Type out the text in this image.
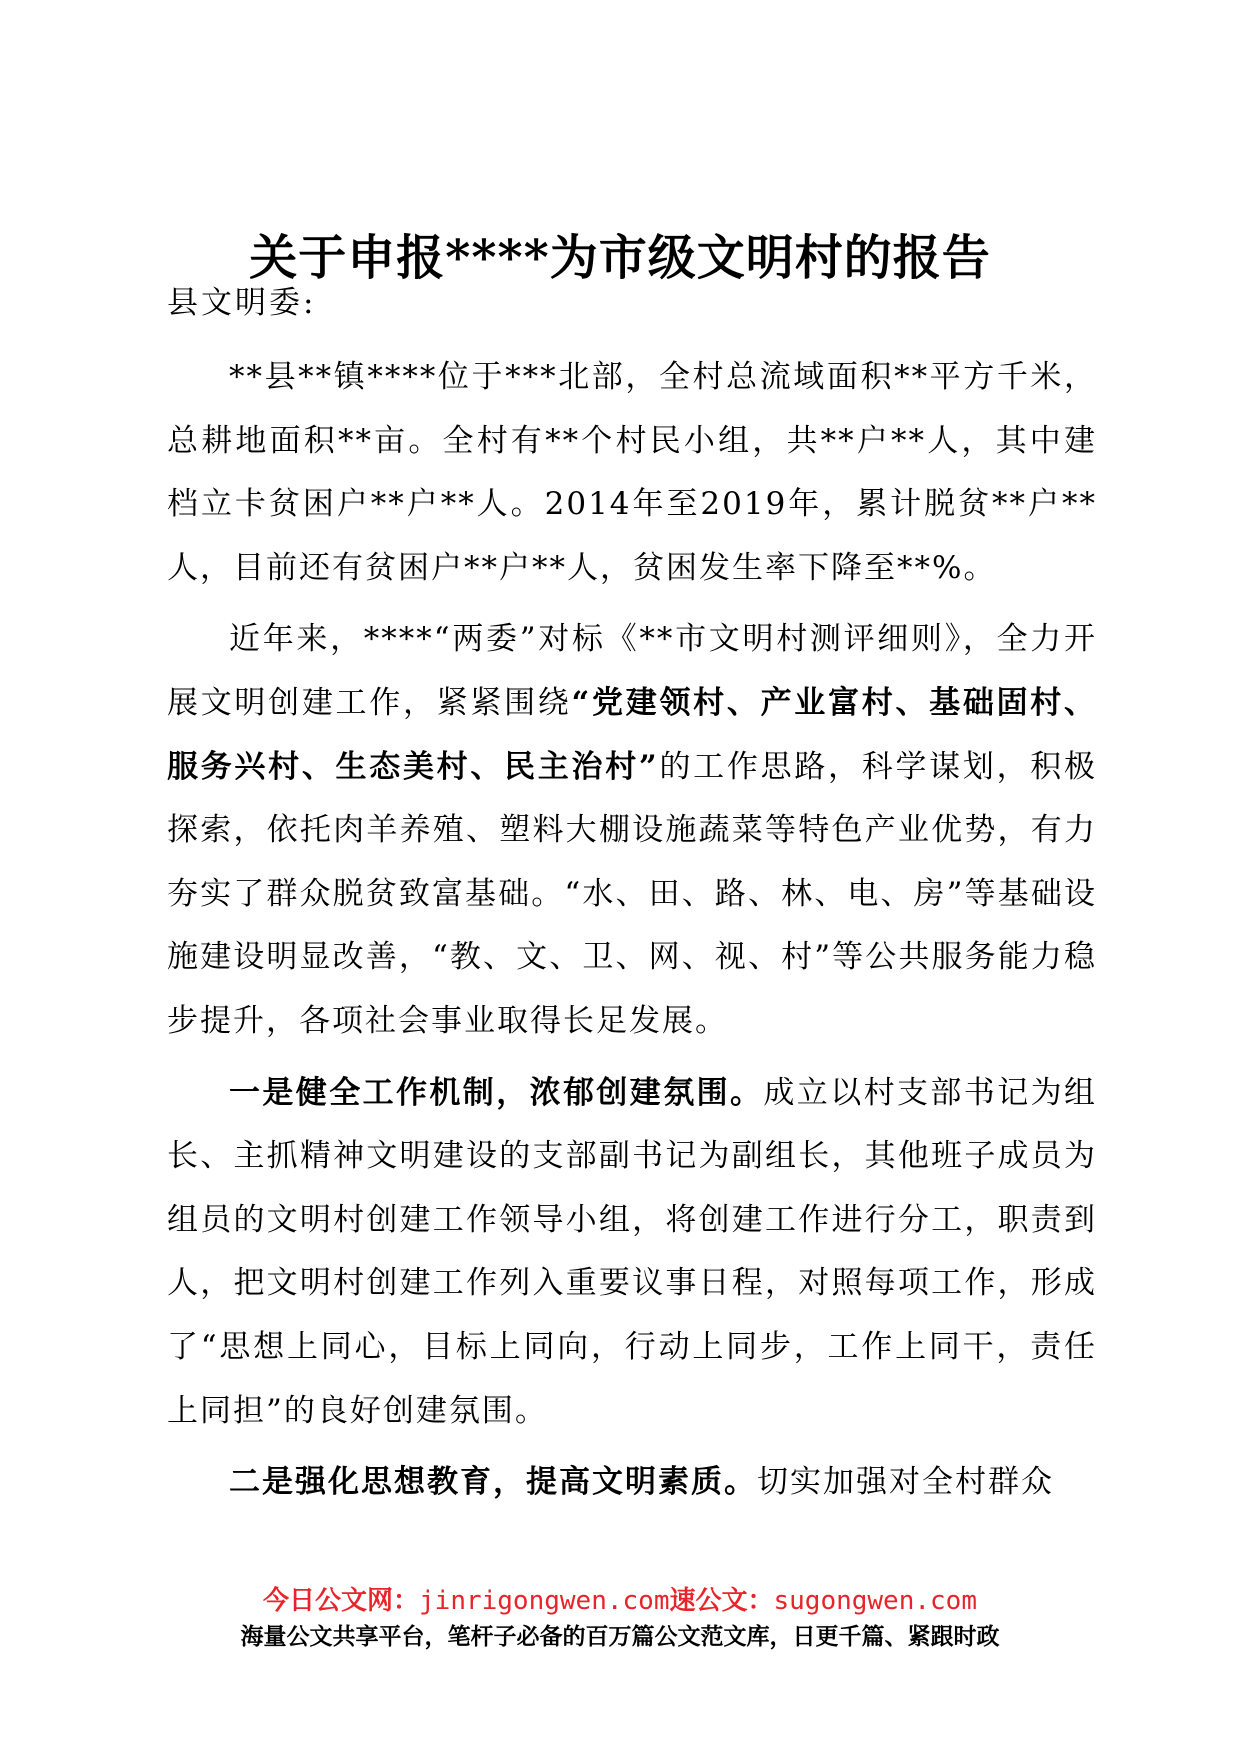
关于申报****为市级文明村的报告
县文明委:

**县**镇****位于***北部，全村总流域面积**平方千米，总耕地面积**亩。全村有**个村民小组，共**户**人，其中建档立卡贫困户**户**人。2014年至2019年，累计脱贫**户**人，目前还有贫困户**户**人，贫困发生率下降至**%。

近年来，****“两委”对标《**市文明村测评细则》，全力开展文明创建工作，紧紧围绕“党建领村、产业富村、基础固村、服务兴村、生态美村、民主治村”的工作思路，科学谋划，积极探索，依托肉羊养殖、塑料大棚设施蔬菜等特色产业优势，有力夯实了群众脱贫致富基础。“水、田、路、林、电、房”等基础设施建设明显改善，“教、文、卫、网、视、村”等公共服务能力稳步提升，各项社会事业取得长足发展。

一是健全工作机制，浓郁创建氛围。成立以村支部书记为组长、主抓精神文明建设的支部副书记为副组长，其他班子成员为组员的文明村创建工作领导小组，将创建工作进行分工，职责到人，把文明村创建工作列入重要议事日程，对照每项工作，形成了“思想上同心，目标上同向，行动上同步，工作上同干，责任上同担”的良好创建氛围。

二是强化思想教育，提高文明素质。切实加强对全村群众

今日公文网：jinrigongwen.com速公文：sugongwen.com
海量公文共享平台，笔杆子必备的百万篇公文范文库，日更千篇、紧跟时政
